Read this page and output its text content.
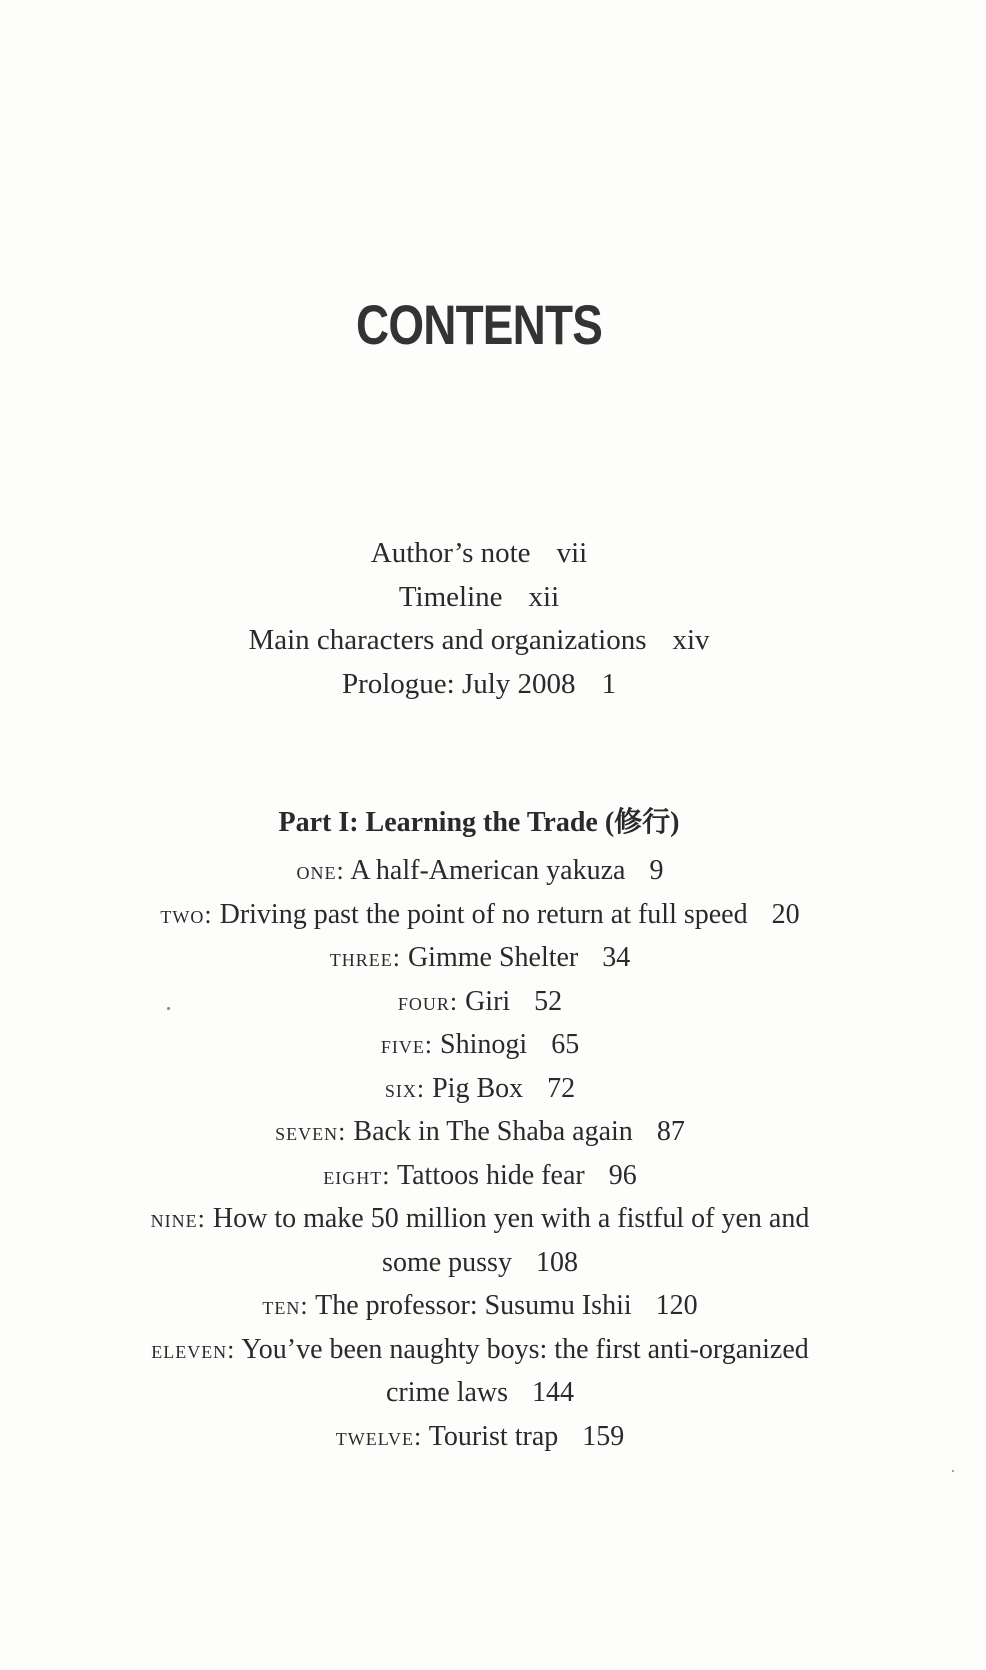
CONTENTS
Author’s note vii
Timeline xii
Main characters and organizations xiv
Prologue: July 2008 1
Part I: Learning the Trade (修行)
one: A half-American yakuza 9
two: Driving past the point of no return at full speed 20
three: Gimme Shelter 34
four: Giri 52
five: Shinogi 65
six: Pig Box 72
seven: Back in The Shaba again 87
eight: Tattoos hide fear 96
nine: How to make 50 million yen with a fistful of yen and
some pussy 108
ten: The professor: Susumu Ishii 120
eleven: You’ve been naughty boys: the first anti-organized
crime laws 144
twelve: Tourist trap 159
